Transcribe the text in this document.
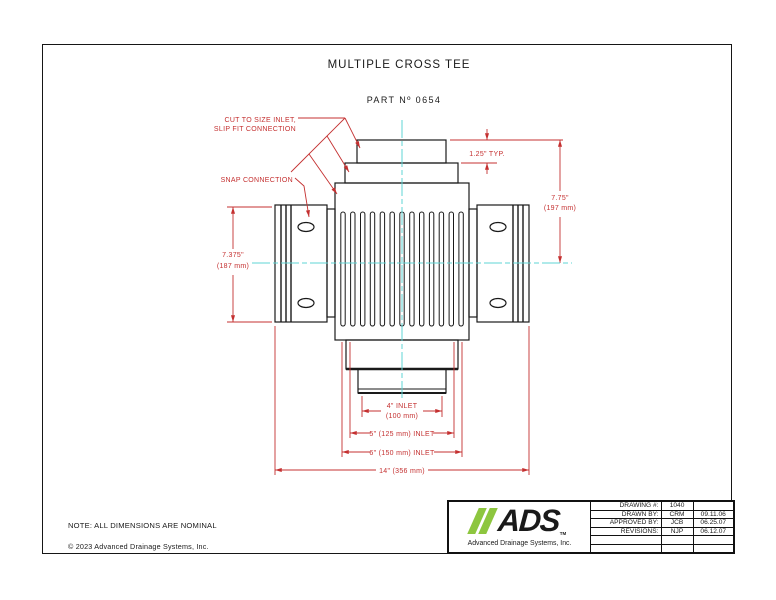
MULTIPLE CROSS TEE
PART Nº 0654
CUT TO SIZE INLET,
SLIP FIT CONNECTION
SNAP CONNECTION
1.25" TYP.
7.75"
(197 mm)
7.375"
(187 mm)
4" INLET
(100 mm)
5" (125 mm) INLET
6" (150 mm) INLET
14" (356 mm)
NOTE: ALL DIMENSIONS ARE NOMINAL
© 2023 Advanced Drainage Systems, Inc.
ADS TM
Advanced Drainage Systems, Inc.
DRAWING #:	1040
DRAWN BY:	CRM	09.11.06
APPROVED BY:	JCB	06.25.07
REVISIONS:	NJP	06.12.07
